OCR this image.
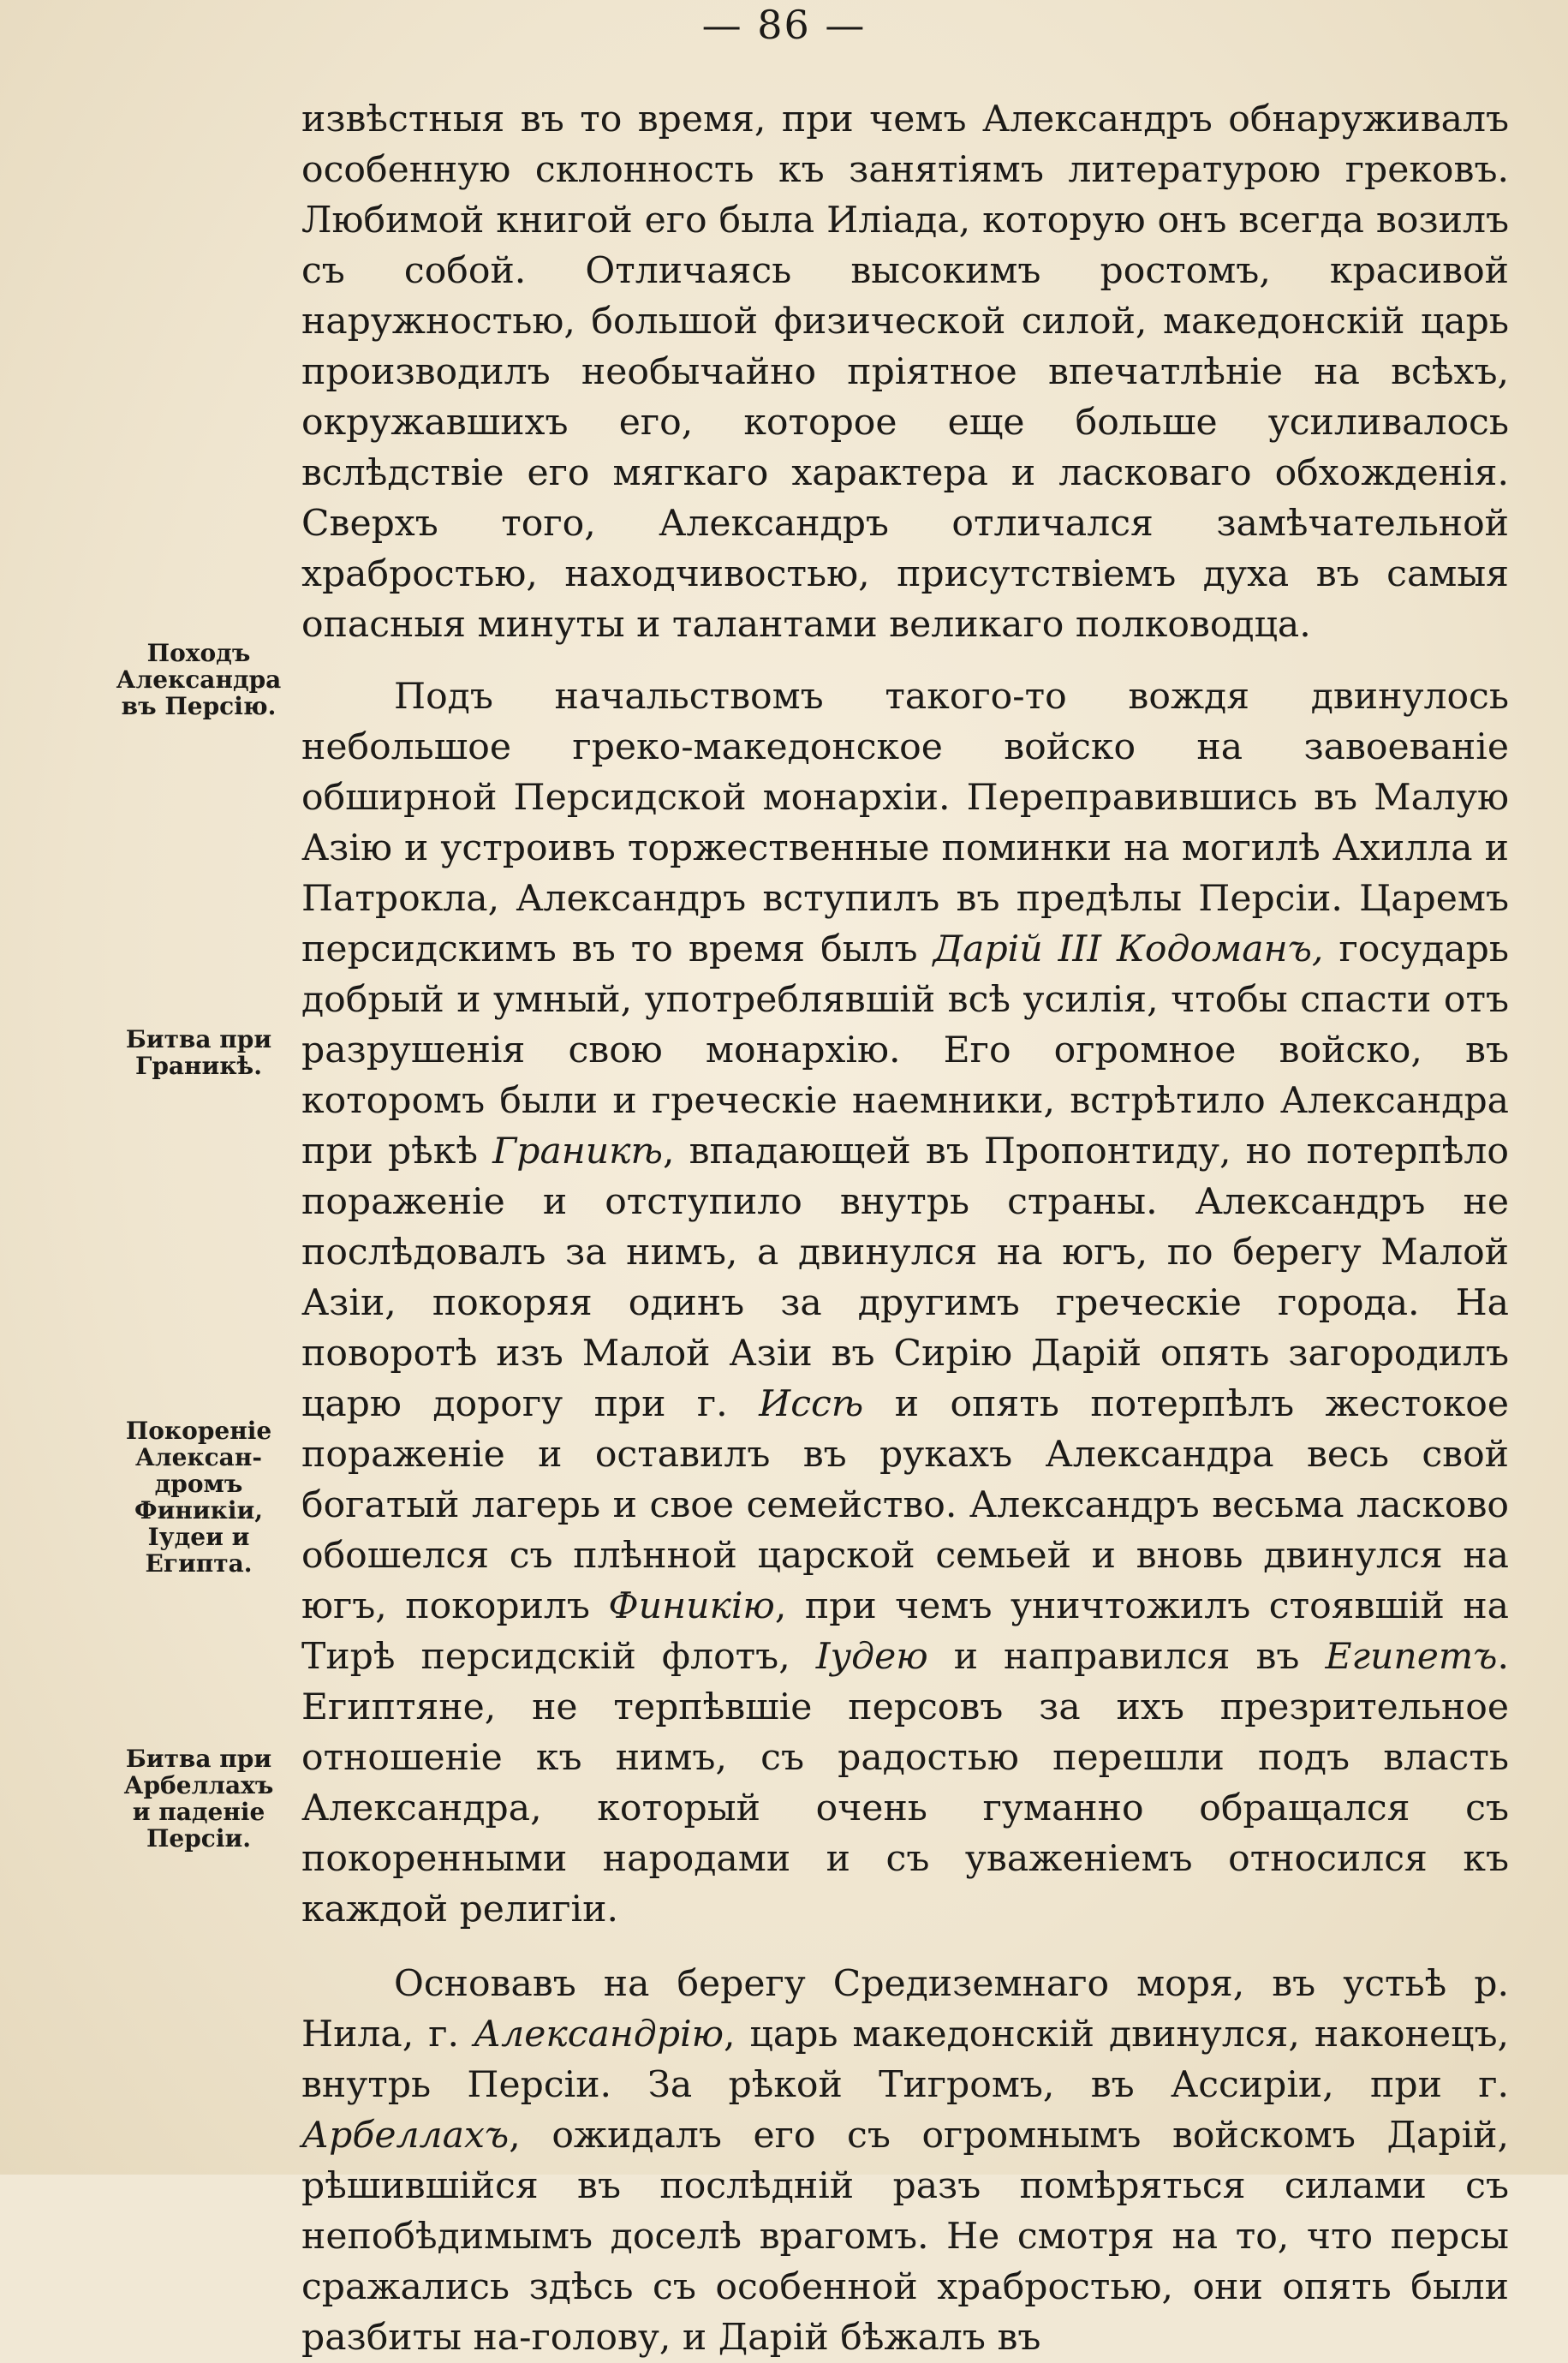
— 86 —

извѣстныя въ то время, при чемъ Александръ обнаруживалъ особенную склонность къ занятіямъ литературою грековъ. Любимой книгой его была Иліада, которую онъ всегда возилъ съ собой. Отличаясь высокимъ ростомъ, красивой наружностью, большой физической силой, македонскій царь производилъ необычайно пріятное впечатлѣніе на всѣхъ, окружавшихъ его, которое еще больше усиливалось вслѣдствіе его мягкаго характера и ласковаго обхожденія. Сверхъ того, Александръ отличался замѣчательной храбростью, находчивостью, присутствіемъ духа въ самыя опасныя минуты и талантами великаго полководца.

Подъ начальствомъ такого-то вождя двинулось небольшое греко-македонское войско на завоеваніе обширной Персидской монархіи. Переправившись въ Малую Азію и устроивъ торжественные поминки на могилѣ Ахилла и Патрокла, Александръ вступилъ въ предѣлы Персіи. Царемъ персидскимъ въ то время былъ Дарій III Кодоманъ, государь добрый и умный, употреблявшій всѣ усилія, чтобы спасти отъ разрушенія свою монархію. Его огромное войско, въ которомъ были и греческіе наемники, встрѣтило Александра при рѣкѣ Граникѣ, впадающей въ Пропонтиду, но потерпѣло пораженіе и отступило внутрь страны. Александръ не послѣдовалъ за нимъ, а двинулся на югъ, по берегу Малой Азіи, покоряя одинъ за другимъ греческіе города. На поворотѣ изъ Малой Азіи въ Сирію Дарій опять загородилъ царю дорогу при г. Иссѣ и опять потерпѣлъ жестокое пораженіе и оставилъ въ рукахъ Александра весь свой богатый лагерь и свое семейство. Александръ весьма ласково обошелся съ плѣнной царской семьей и вновь двинулся на югъ, покорилъ Финикію, при чемъ уничтожилъ стоявшій на Тирѣ персидскій флотъ, Іудею и направился въ Египетъ. Египтяне, не терпѣвшіе персовъ за ихъ презрительное отношеніе къ нимъ, съ радостью перешли подъ власть Александра, который очень гуманно обращался съ покоренными народами и съ уваженіемъ относился къ каждой религіи.

Основавъ на берегу Средиземнаго моря, въ устьѣ р. Нила, г. Александрію, царь македонскій двинулся, наконецъ, внутрь Персіи. За рѣкой Тигромъ, въ Ассиріи, при г. Арбеллахъ, ожидалъ его съ огромнымъ войскомъ Дарій, рѣшившійся въ послѣдній разъ помѣряться силами съ непобѣдимымъ доселѣ врагомъ. Не смотря на то, что персы сражались здѣсь съ особенной храбростью, они опять были разбиты на-голову, и Дарій бѣжалъ въ

Походъ
Александра
въ Персію.
Битва при
Граникѣ.
Покореніе
Алексан-
дромъ
Финикіи,
Іудеи и
Египта.
Битва при
Арбеллахъ
и паденіе
Персіи.
